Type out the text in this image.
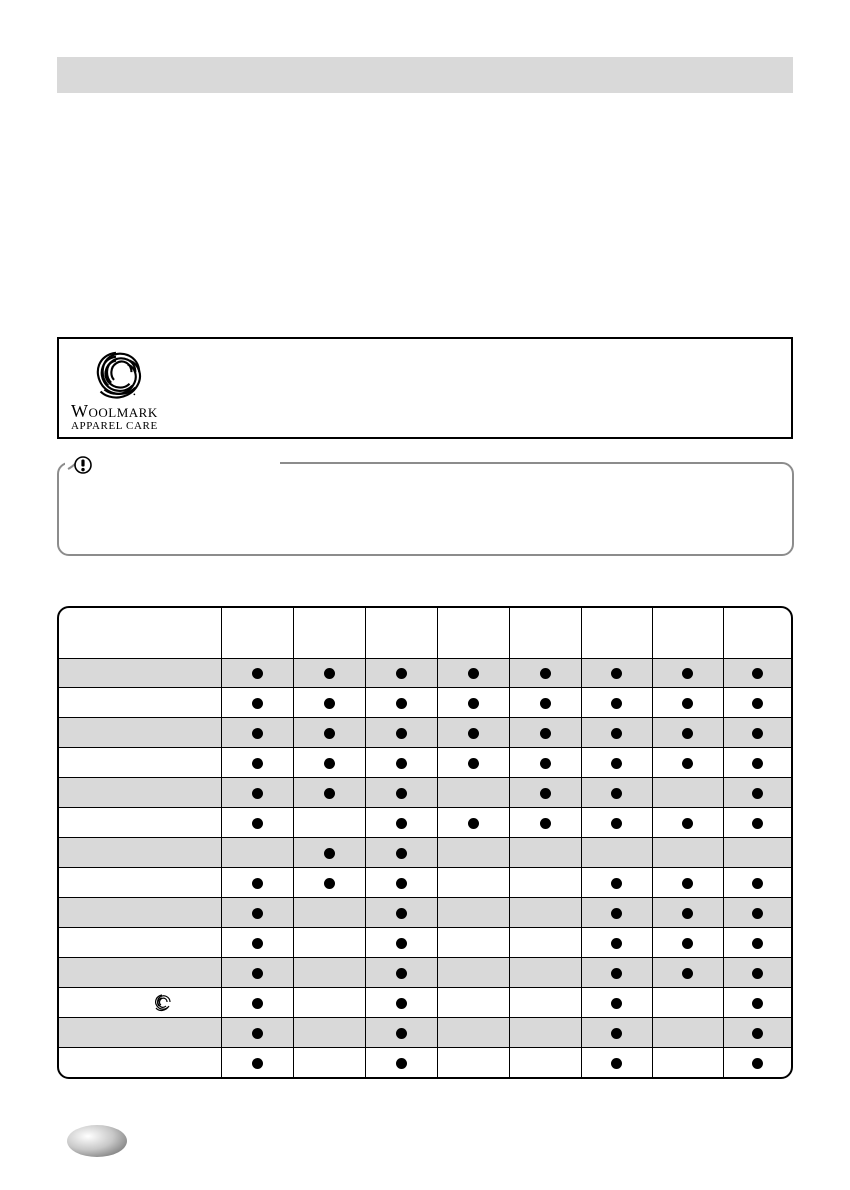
WOOLMARK
APPAREL CARE
